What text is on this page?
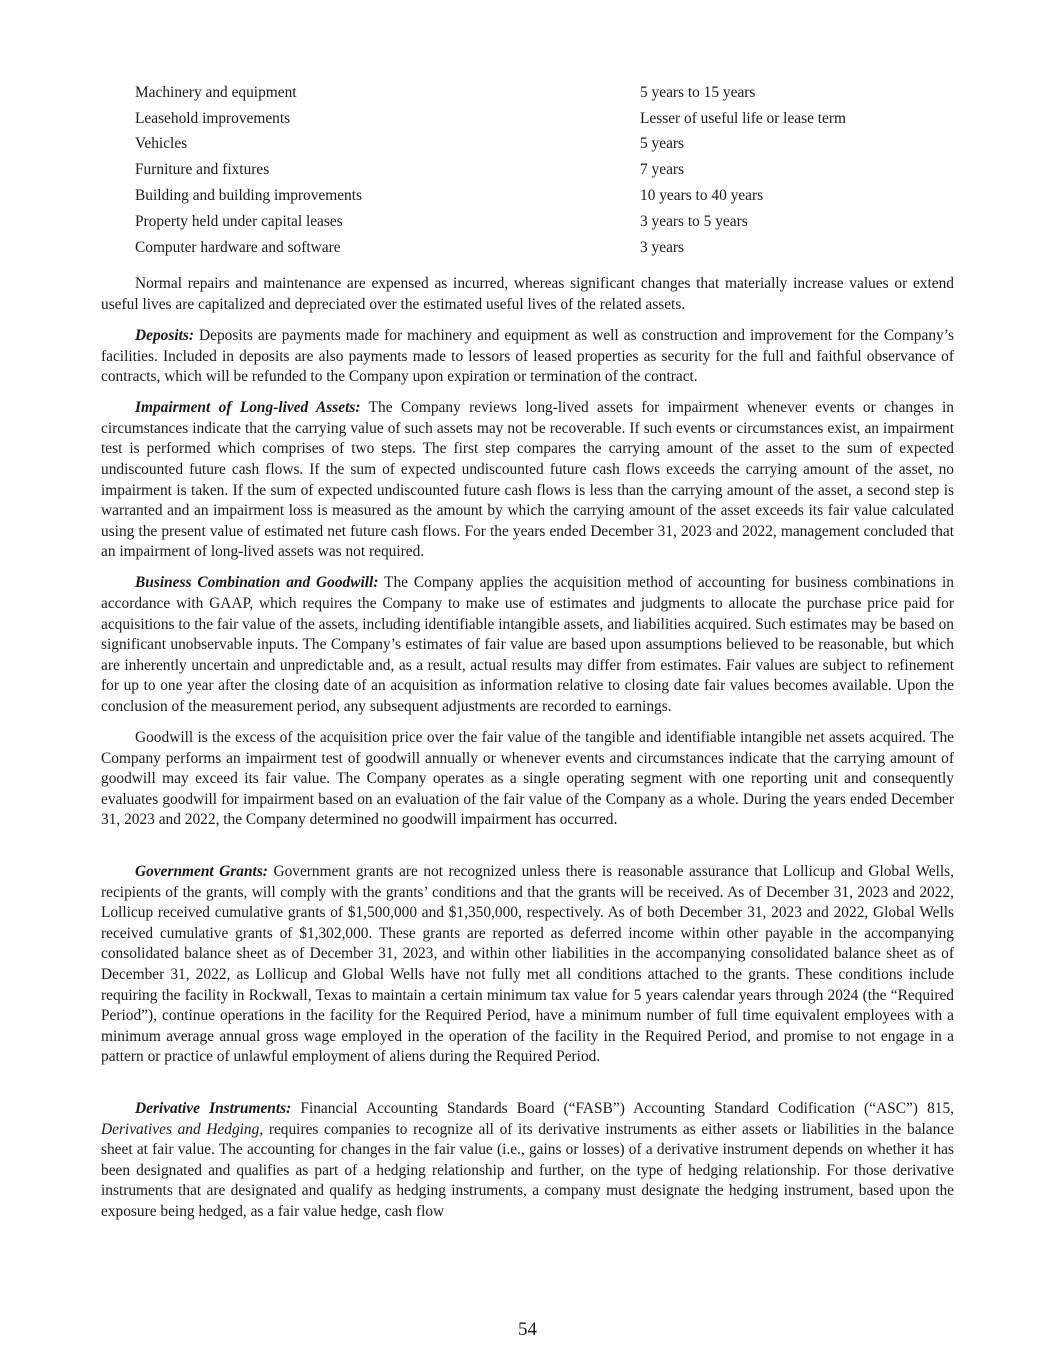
Machinery and equipment	5 years to 15 years
Leasehold improvements	Lesser of useful life or lease term
Vehicles	5 years
Furniture and fixtures	7 years
Building and building improvements	10 years to 40 years
Property held under capital leases	3 years to 5 years
Computer hardware and software	3 years

Normal repairs and maintenance are expensed as incurred, whereas significant changes that materially increase values or extend useful lives are capitalized and depreciated over the estimated useful lives of the related assets.

Deposits: Deposits are payments made for machinery and equipment as well as construction and improvement for the Company’s facilities. Included in deposits are also payments made to lessors of leased properties as security for the full and faithful observance of contracts, which will be refunded to the Company upon expiration or termination of the contract.

Impairment of Long-lived Assets: The Company reviews long-lived assets for impairment whenever events or changes in circumstances indicate that the carrying value of such assets may not be recoverable. If such events or circumstances exist, an impairment test is performed which comprises of two steps. The first step compares the carrying amount of the asset to the sum of expected undiscounted future cash flows. If the sum of expected undiscounted future cash flows exceeds the carrying amount of the asset, no impairment is taken. If the sum of expected undiscounted future cash flows is less than the carrying amount of the asset, a second step is warranted and an impairment loss is measured as the amount by which the carrying amount of the asset exceeds its fair value calculated using the present value of estimated net future cash flows. For the years ended December 31, 2023 and 2022, management concluded that an impairment of long-lived assets was not required.

Business Combination and Goodwill: The Company applies the acquisition method of accounting for business combinations in accordance with GAAP, which requires the Company to make use of estimates and judgments to allocate the purchase price paid for acquisitions to the fair value of the assets, including identifiable intangible assets, and liabilities acquired. Such estimates may be based on significant unobservable inputs. The Company’s estimates of fair value are based upon assumptions believed to be reasonable, but which are inherently uncertain and unpredictable and, as a result, actual results may differ from estimates. Fair values are subject to refinement for up to one year after the closing date of an acquisition as information relative to closing date fair values becomes available. Upon the conclusion of the measurement period, any subsequent adjustments are recorded to earnings.

Goodwill is the excess of the acquisition price over the fair value of the tangible and identifiable intangible net assets acquired. The Company performs an impairment test of goodwill annually or whenever events and circumstances indicate that the carrying amount of goodwill may exceed its fair value. The Company operates as a single operating segment with one reporting unit and consequently evaluates goodwill for impairment based on an evaluation of the fair value of the Company as a whole. During the years ended December 31, 2023 and 2022, the Company determined no goodwill impairment has occurred.

Government Grants: Government grants are not recognized unless there is reasonable assurance that Lollicup and Global Wells, recipients of the grants, will comply with the grants’ conditions and that the grants will be received. As of December 31, 2023 and 2022, Lollicup received cumulative grants of $1,500,000 and $1,350,000, respectively. As of both December 31, 2023 and 2022, Global Wells received cumulative grants of $1,302,000. These grants are reported as deferred income within other payable in the accompanying consolidated balance sheet as of December 31, 2023, and within other liabilities in the accompanying consolidated balance sheet as of December 31, 2022, as Lollicup and Global Wells have not fully met all conditions attached to the grants. These conditions include requiring the facility in Rockwall, Texas to maintain a certain minimum tax value for 5 years calendar years through 2024 (the “Required Period”), continue operations in the facility for the Required Period, have a minimum number of full time equivalent employees with a minimum average annual gross wage employed in the operation of the facility in the Required Period, and promise to not engage in a pattern or practice of unlawful employment of aliens during the Required Period.

Derivative Instruments: Financial Accounting Standards Board (“FASB”) Accounting Standard Codification (“ASC”) 815, Derivatives and Hedging, requires companies to recognize all of its derivative instruments as either assets or liabilities in the balance sheet at fair value. The accounting for changes in the fair value (i.e., gains or losses) of a derivative instrument depends on whether it has been designated and qualifies as part of a hedging relationship and further, on the type of hedging relationship. For those derivative instruments that are designated and qualify as hedging instruments, a company must designate the hedging instrument, based upon the exposure being hedged, as a fair value hedge, cash flow

54
